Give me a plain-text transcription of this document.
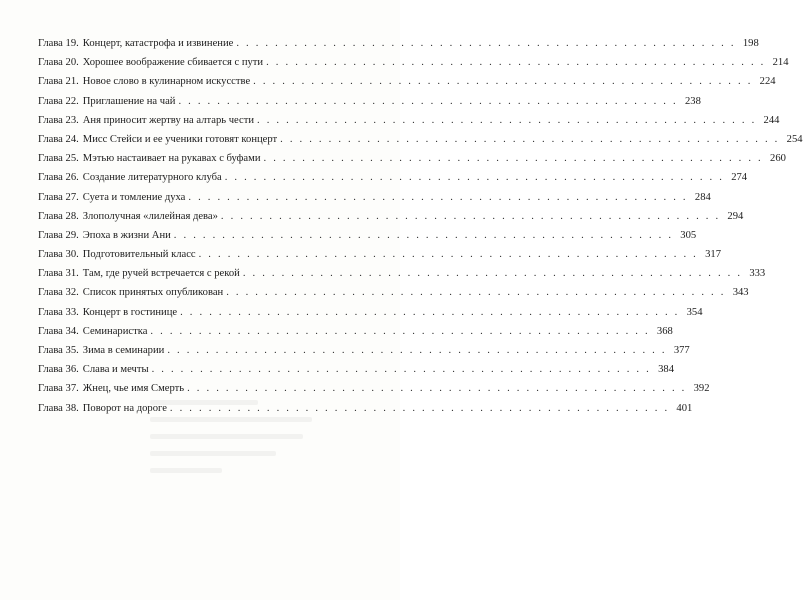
Глава 19. Концерт, катастрофа и извинение . . .	198
Глава 20. Хорошее воображение сбивается с пути . . .	214
Глава 21. Новое слово в кулинарном искусстве . . .	224
Глава 22. Приглашение на чай . . .	238
Глава 23. Аня приносит жертву на алтарь чести . . .	244
Глава 24. Мисс Стейси и ее ученики готовят концерт . . .	254
Глава 25. Мэтью настаивает на рукавах с буфами . . .	260
Глава 26. Создание литературного клуба . . .	274
Глава 27. Суета и томление духа . . .	284
Глава 28. Злополучная «лилейная дева» . . .	294
Глава 29. Эпоха в жизни Ани . . .	305
Глава 30. Подготовительный класс . . .	317
Глава 31. Там, где ручей встречается с рекой . . .	333
Глава 32. Список принятых опубликован . . .	343
Глава 33. Концерт в гостинице . . .	354
Глава 34. Семинаристка . . .	368
Глава 35. Зима в семинарии . . .	377
Глава 36. Слава и мечты . . .	384
Глава 37. Жнец, чье имя Смерть . . .	392
Глава 38. Поворот на дороге . . .	401
